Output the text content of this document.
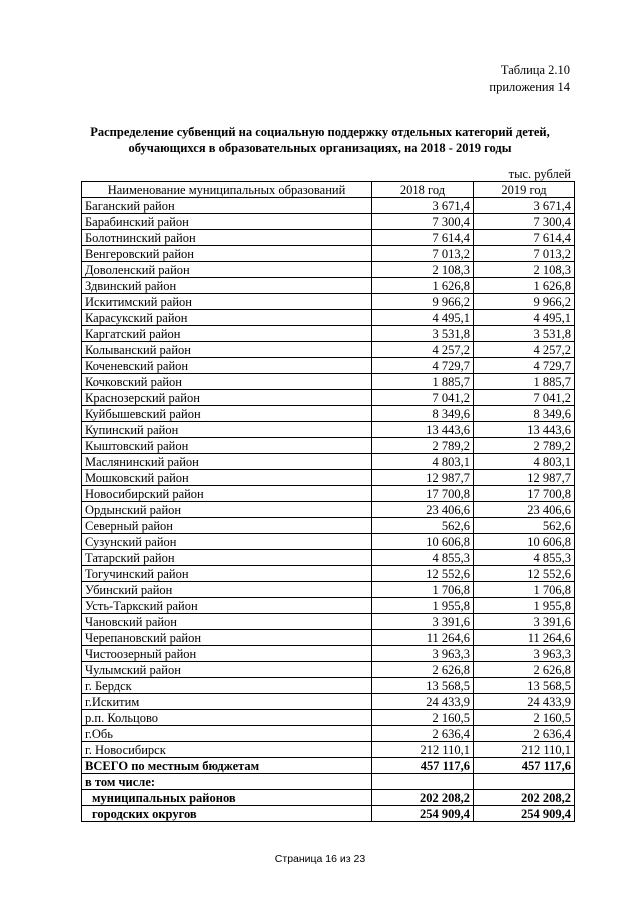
Таблица 2.10
приложения 14
Распределение субвенций на социальную поддержку отдельных категорий детей,
обучающихся в образовательных организациях, на 2018 - 2019 годы
тыс. рублей
Наименование муниципальных образований	2018 год	2019 год
Баганский район	3 671,4	3 671,4
Барабинский район	7 300,4	7 300,4
Болотнинский район	7 614,4	7 614,4
Венгеровский район	7 013,2	7 013,2
Доволенский район	2 108,3	2 108,3
Здвинский район	1 626,8	1 626,8
Искитимский район	9 966,2	9 966,2
Карасукский район	4 495,1	4 495,1
Каргатский район	3 531,8	3 531,8
Колыванский район	4 257,2	4 257,2
Коченевский район	4 729,7	4 729,7
Кочковский район	1 885,7	1 885,7
Краснозерский район	7 041,2	7 041,2
Куйбышевский район	8 349,6	8 349,6
Купинский район	13 443,6	13 443,6
Кыштовский район	2 789,2	2 789,2
Маслянинский район	4 803,1	4 803,1
Мошковский район	12 987,7	12 987,7
Новосибирский район	17 700,8	17 700,8
Ордынский район	23 406,6	23 406,6
Северный район	562,6	562,6
Сузунский район	10 606,8	10 606,8
Татарский район	4 855,3	4 855,3
Тогучинский район	12 552,6	12 552,6
Убинский район	1 706,8	1 706,8
Усть-Таркский район	1 955,8	1 955,8
Чановский район	3 391,6	3 391,6
Черепановский район	11 264,6	11 264,6
Чистоозерный район	3 963,3	3 963,3
Чулымский район	2 626,8	2 626,8
г. Бердск	13 568,5	13 568,5
г.Искитим	24 433,9	24 433,9
р.п. Кольцово	2 160,5	2 160,5
г.Обь	2 636,4	2 636,4
г. Новосибирск	212 110,1	212 110,1
ВСЕГО по местным бюджетам	457 117,6	457 117,6
в том числе:		
муниципальных районов	202 208,2	202 208,2
городских округов	254 909,4	254 909,4
Страница 16 из 23
